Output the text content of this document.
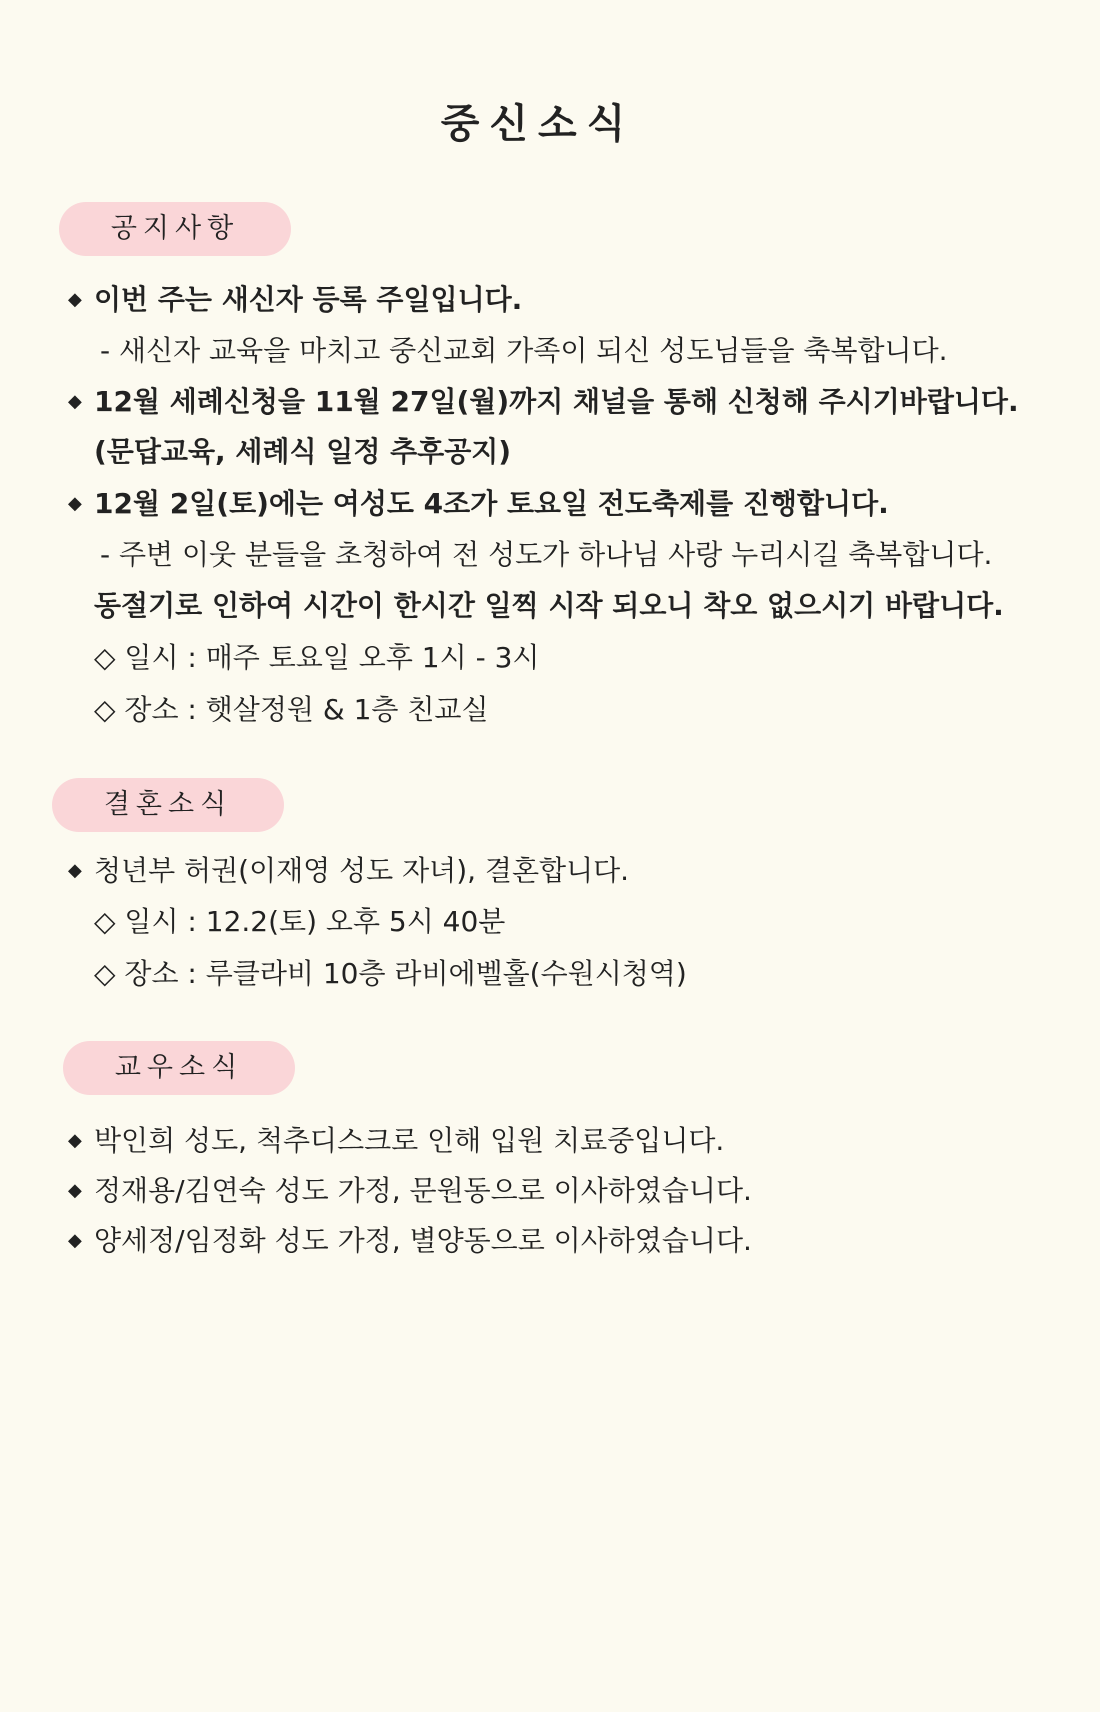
중신소식
공지사항
◆ 이번 주는 새신자 등록 주일입니다.
- 새신자 교육을 마치고 중신교회 가족이 되신 성도님들을 축복합니다.
◆ 12월 세례신청을 11월 27일(월)까지 채널을 통해 신청해 주시기바랍니다.
(문답교육, 세례식 일정 추후공지)
◆ 12월 2일(토)에는 여성도 4조가 토요일 전도축제를 진행합니다.
- 주변 이웃 분들을 초청하여 전 성도가 하나님 사랑 누리시길 축복합니다.
동절기로 인하여 시간이 한시간 일찍 시작 되오니 착오 없으시기 바랍니다.
◇ 일시 : 매주 토요일 오후 1시 - 3시
◇ 장소 : 햇살정원 & 1층 친교실
결혼소식
◆ 청년부 허권(이재영 성도 자녀), 결혼합니다.
◇ 일시 : 12.2(토) 오후 5시 40분
◇ 장소 : 루클라비 10층 라비에벨홀(수원시청역)
교우소식
◆ 박인희 성도, 척추디스크로 인해 입원 치료중입니다.
◆ 정재용/김연숙 성도 가정, 문원동으로 이사하였습니다.
◆ 양세정/임정화 성도 가정, 별양동으로 이사하였습니다.
